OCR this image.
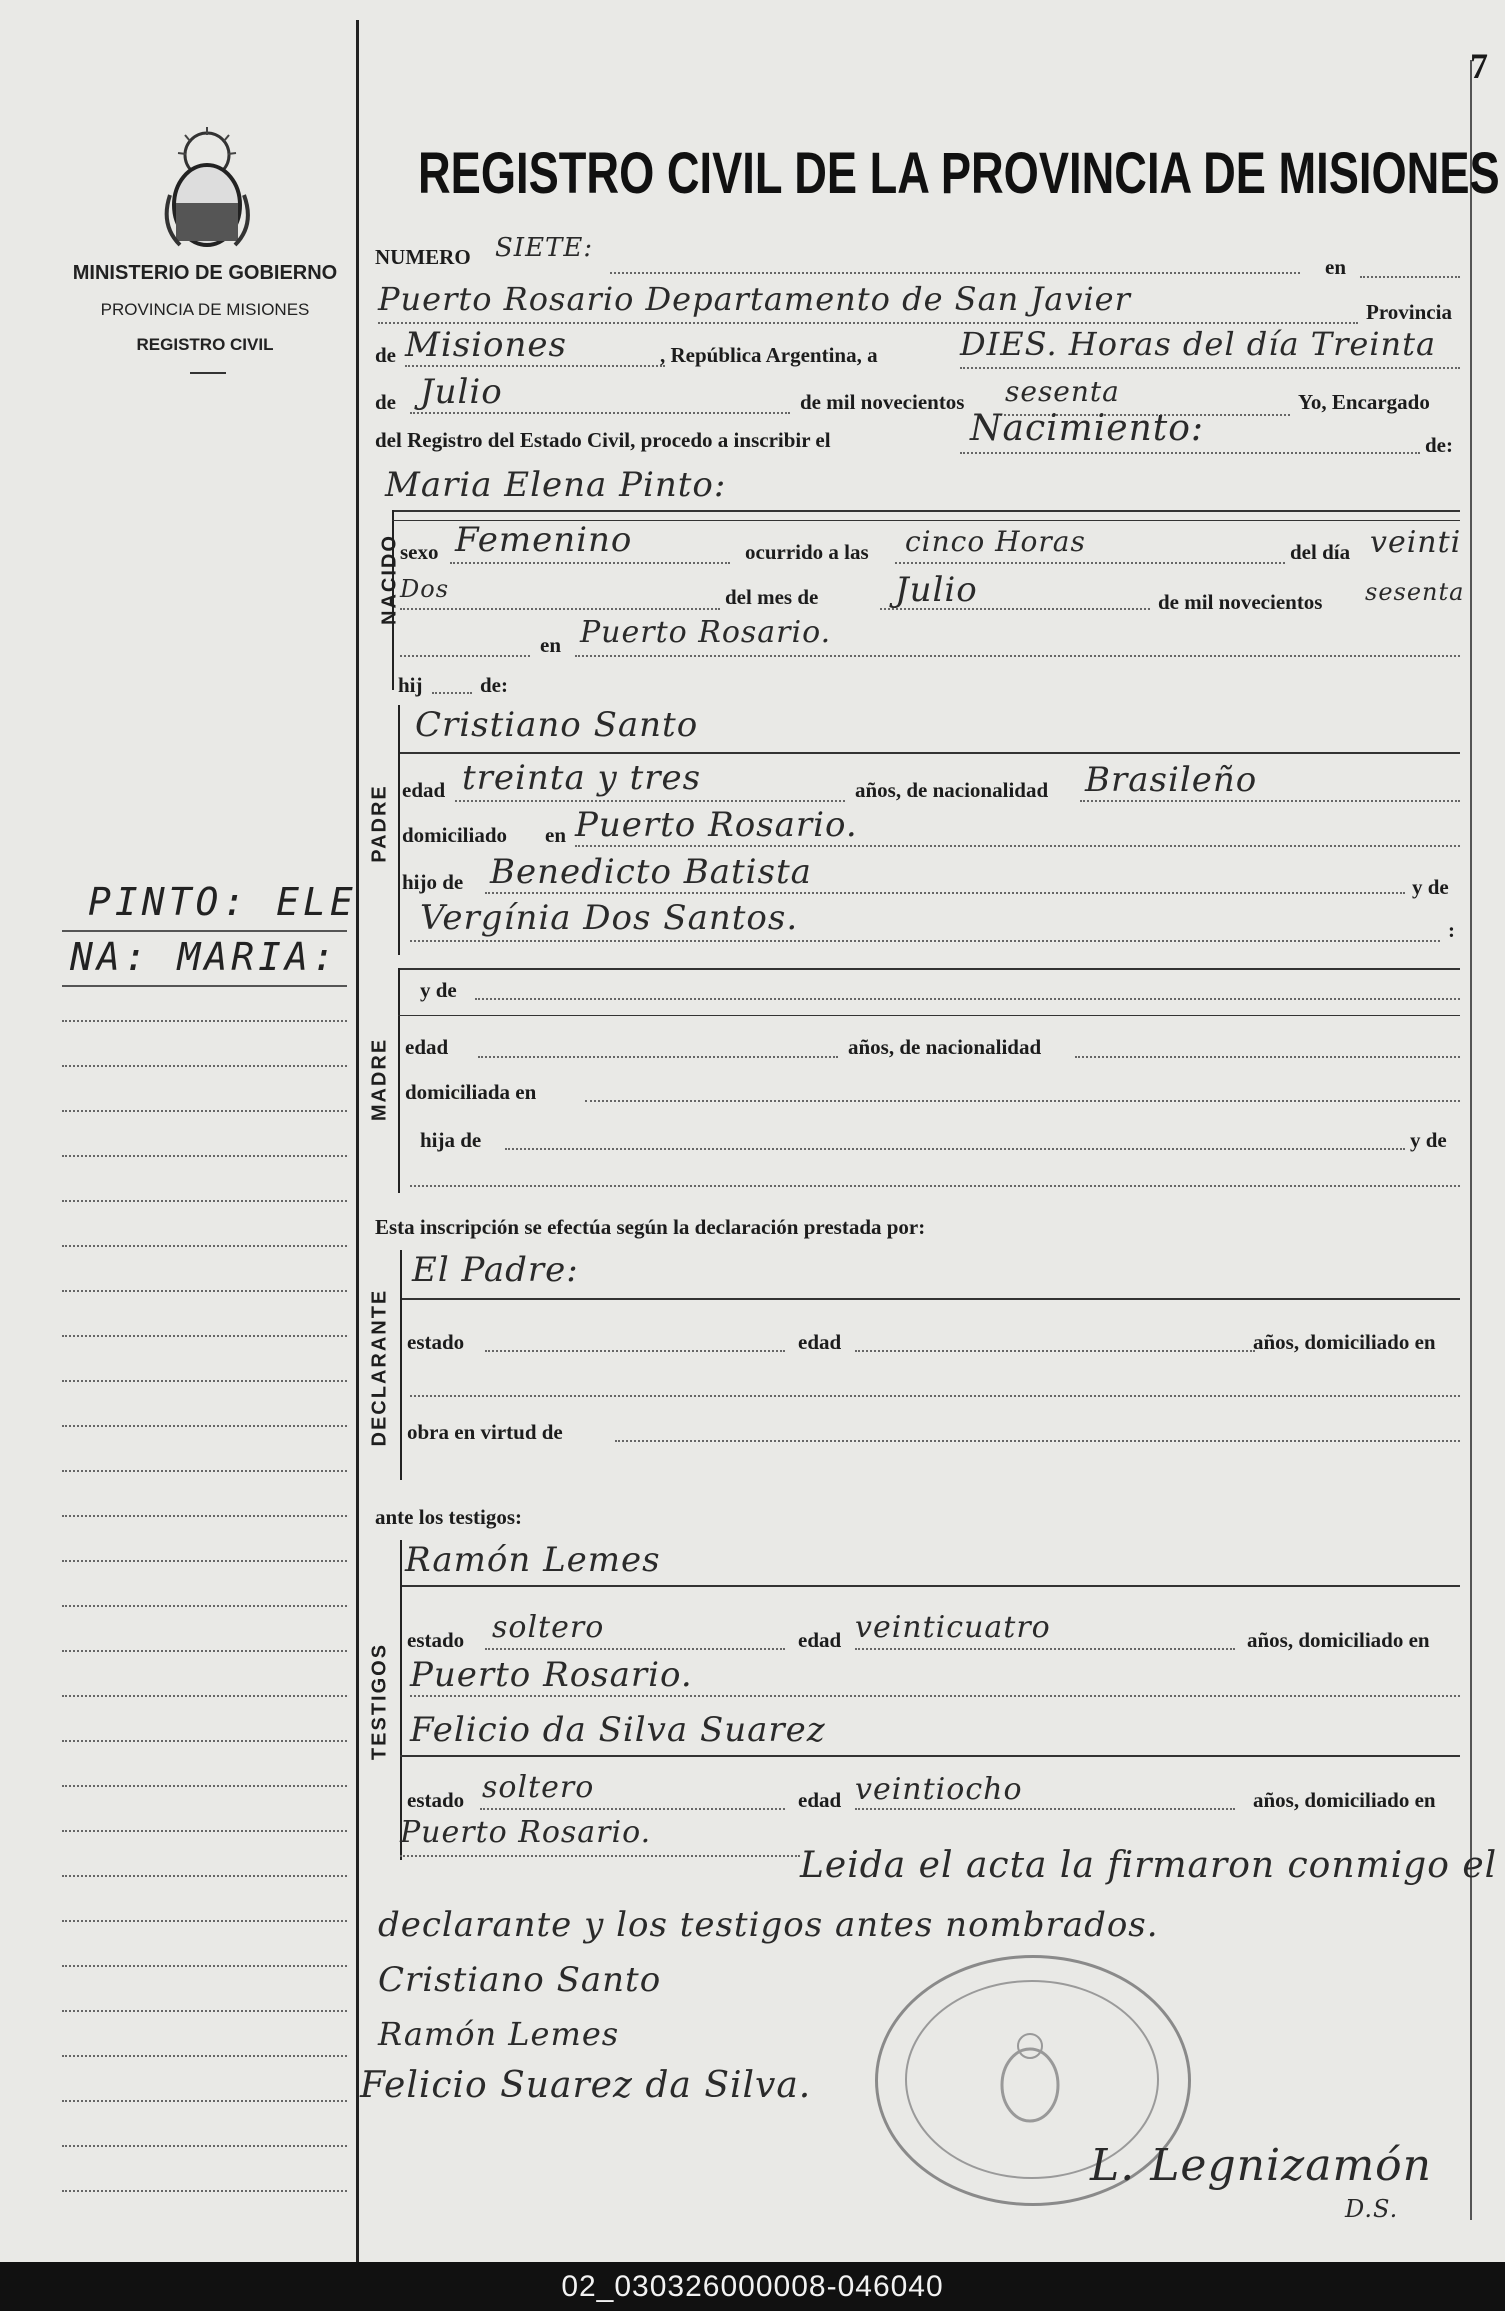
7
MINISTERIO DE GOBIERNO
PROVINCIA DE MISIONES
REGISTRO CIVIL
PINTO: ELE
NA: MARIA:
REGISTRO CIVIL DE LA PROVINCIA DE MISIONES
NUMERO SIETE:
en
Puerto Rosario Departamento de San Javier	Provincia
de Misiones	, República Argentina, a	DIES. Horas del día Treinta
de Julio	de mil novecientos sesenta	Yo, Encargado
del Registro del Estado Civil, procedo a inscribir el	Nacimiento:	de:
Maria Elena Pinto:
NACIDO sexo Femenino	ocurrido a las cinco Horas	del día veinti
Dos	del mes de Julio	de mil novecientos sesenta
en Puerto Rosario.
hij	de:
Cristiano Santo
PADRE edad treinta y tres	años, de nacionalidad Brasileño
domiciliado en Puerto Rosario.
hijo de Benedicto Batista	y de
Vergínia Dos Santos.	:
MADRE
y de
edad	años, de nacionalidad
domiciliada en
hija de	y de
Esta inscripción se efectúa según la declaración prestada por:
El Padre:
DECLARANTE estado	edad	años, domiciliado en
obra en virtud de
ante los testigos:
Ramón Lemes
TESTIGOS
estado soltero	edad veinticuatro	años, domiciliado en
Puerto Rosario.
Felicio da Silva Suarez
estado soltero	edad veintiocho	años, domiciliado en
Puerto Rosario.
Leida el acta la firmaron conmigo el
declarante y los testigos antes nombrados.
Cristiano Santo
Ramón Lemes
Felicio Suarez da Silva.
L. Legnizamón
D.S.
02_030326000008-046040
